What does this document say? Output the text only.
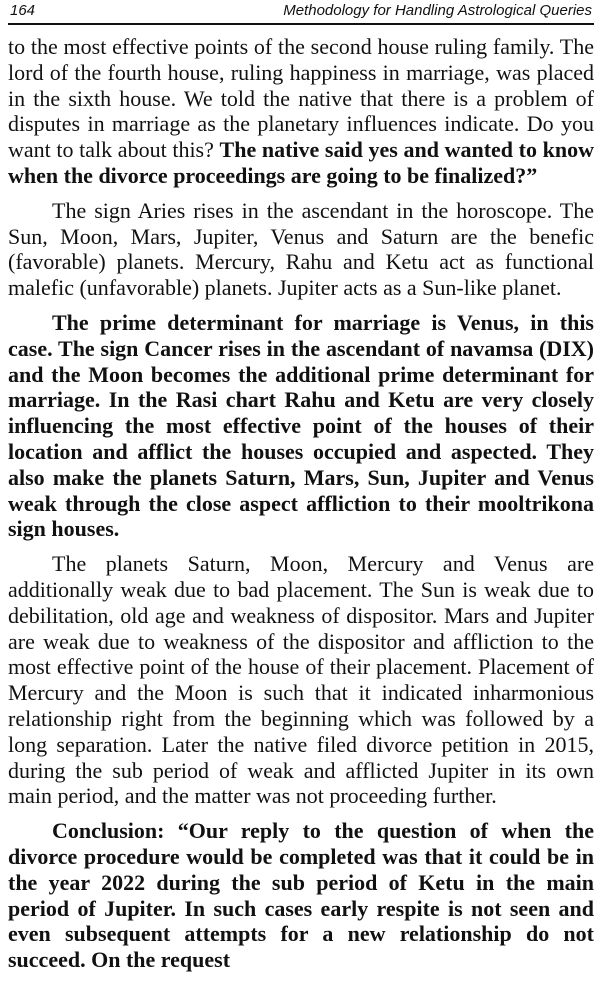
164	Methodology for Handling Astrological Queries

to the most effective points of the second house ruling family. The lord of the fourth house, ruling happiness in marriage, was placed in the sixth house. We told the native that there is a problem of disputes in marriage as the planetary influences indicate. Do you want to talk about this? The native said yes and wanted to know when the divorce proceedings are going to be finalized?”

The sign Aries rises in the ascendant in the horoscope. The Sun, Moon, Mars, Jupiter, Venus and Saturn are the benefic (favorable) planets. Mercury, Rahu and Ketu act as functional malefic (unfavorable) planets. Jupiter acts as a Sun-like planet.

The prime determinant for marriage is Venus, in this case. The sign Cancer rises in the ascendant of navamsa (DIX) and the Moon becomes the additional prime determinant for marriage. In the Rasi chart Rahu and Ketu are very closely influencing the most effective point of the houses of their location and afflict the houses occupied and aspected. They also make the planets Saturn, Mars, Sun, Jupiter and Venus weak through the close aspect affliction to their mooltrikona sign houses.

The planets Saturn, Moon, Mercury and Venus are additionally weak due to bad placement. The Sun is weak due to debilitation, old age and weakness of dispositor. Mars and Jupiter are weak due to weakness of the dispositor and affliction to the most effective point of the house of their placement. Placement of Mercury and the Moon is such that it indicated inharmonious relationship right from the beginning which was followed by a long separation. Later the native filed divorce petition in 2015, during the sub period of weak and afflicted Jupiter in its own main period, and the matter was not proceeding further.

Conclusion: “Our reply to the question of when the divorce procedure would be completed was that it could be in the year 2022 during the sub period of Ketu in the main period of Jupiter. In such cases early respite is not seen and even subsequent attempts for a new relationship do not succeed. On the request
